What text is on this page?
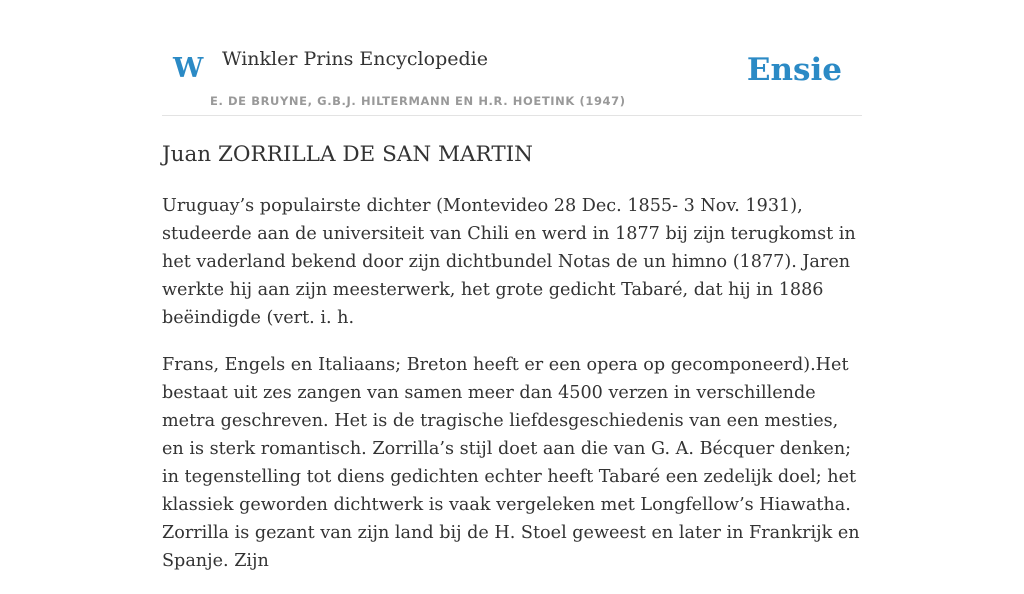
W Winkler Prins Encyclopedie
E. DE BRUYNE, G.B.J. HILTERMANN EN H.R. HOETINK (1947)
Ensie
Juan ZORRILLA DE SAN MARTIN

Uruguay’s populairste dichter (Montevideo 28 Dec. 1855- 3 Nov. 1931), studeerde aan de universiteit van Chili en werd in 1877 bij zijn terugkomst in het vaderland bekend door zijn dichtbundel Notas de un himno (1877). Jaren werkte hij aan zijn meesterwerk, het grote gedicht Tabaré, dat hij in 1886 beëindigde (vert. i. h.

Frans, Engels en Italiaans; Breton heeft er een opera op gecomponeerd).Het bestaat uit zes zangen van samen meer dan 4500 verzen in verschillende metra geschreven. Het is de tragische liefdesgeschiedenis van een mesties, en is sterk romantisch. Zorrilla’s stijl doet aan die van G. A. Bécquer denken; in tegenstelling tot diens gedichten echter heeft Tabaré een zedelijk doel; het klassiek geworden dichtwerk is vaak vergeleken met Longfellow’s Hiawatha. Zorrilla is gezant van zijn land bij de H. Stoel geweest en later in Frankrijk en Spanje. Zijn
